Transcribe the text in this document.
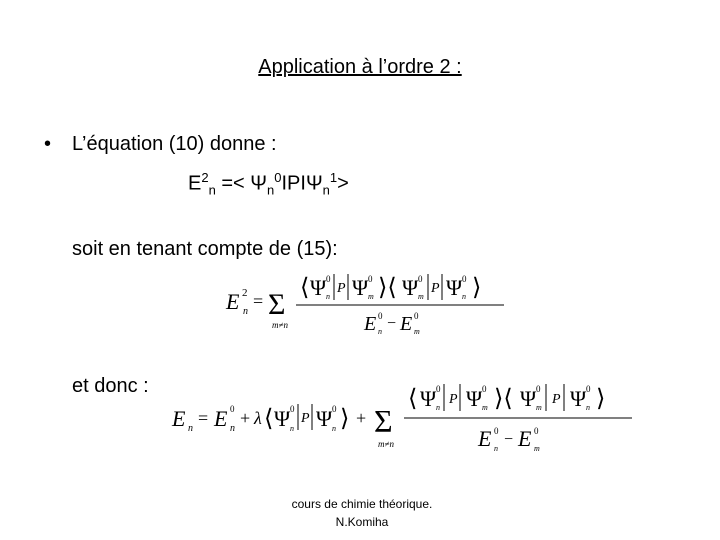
Application à l’ordre 2 :
• L’équation (10) donne :
$E^2_n =< \Psi_n^0IPI\Psi_n^1>$
soit en tenant compte de (15):
E 2
n
= Σ
m≠n
⟨ Ψ 0
n
P Ψ 0
m ⟩⟨ Ψ 0
m
P Ψ 0
n ⟩
E 0
n − E 0
m
et donc :
E n
= E 0
n
+ λ ⟨ Ψ 0
n
P Ψ 0
n ⟩ + Σ
m≠n
⟨ Ψ 0
n
P Ψ 0
m ⟩⟨ Ψ 0
m
P Ψ 0
n ⟩
E 0
n
− E 0
m
cours de chimie théorique.
N.Komiha
